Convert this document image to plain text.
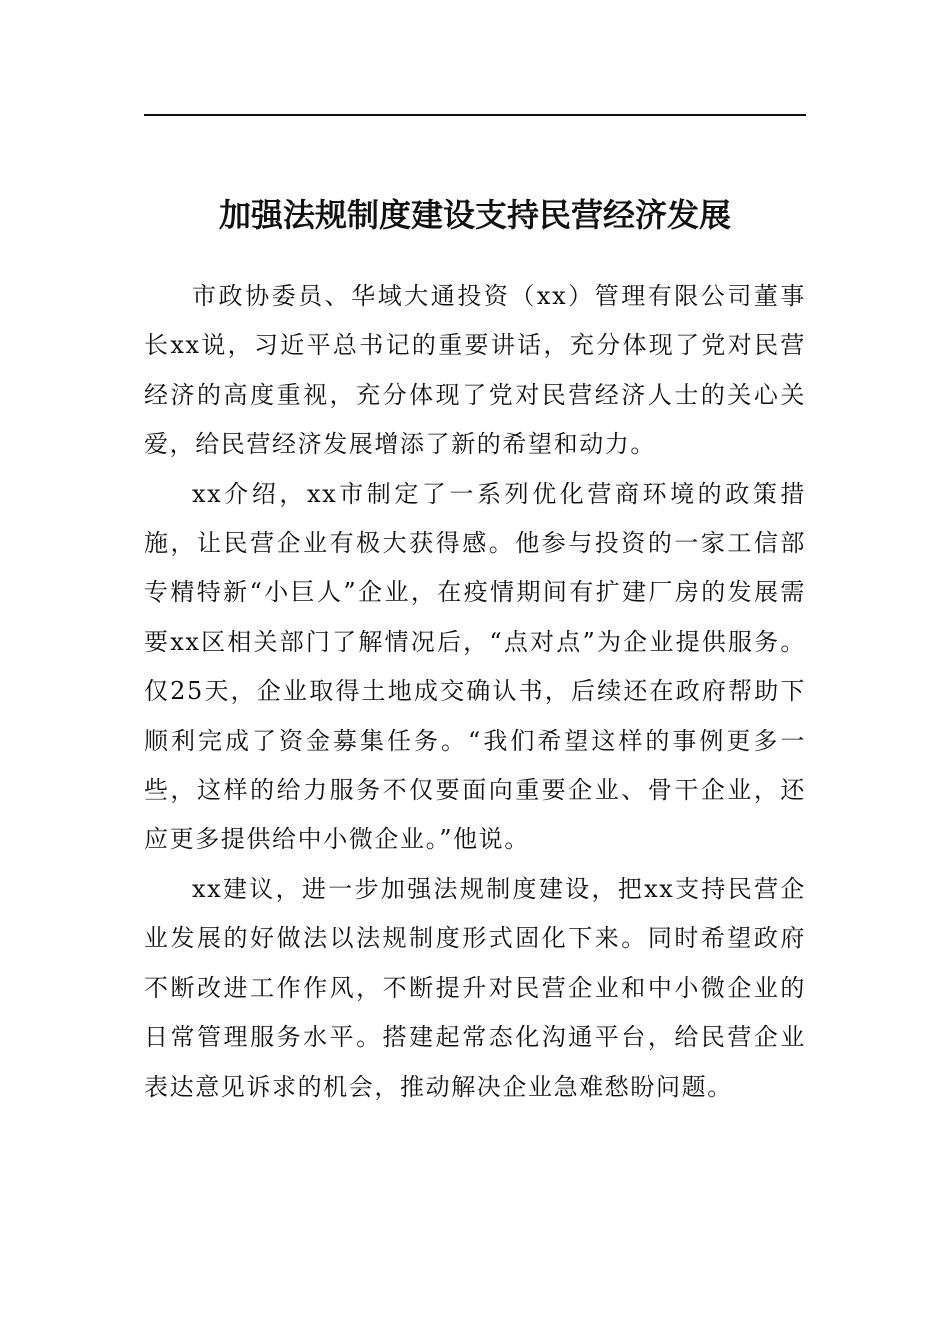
加强法规制度建设支持民营经济发展

市政协委员、华域大通投资（xx）管理有限公司董事长xx说，习近平总书记的重要讲话，充分体现了党对民营经济的高度重视，充分体现了党对民营经济人士的关心关爱，给民营经济发展增添了新的希望和动力。

xx介绍，xx市制定了一系列优化营商环境的政策措施，让民营企业有极大获得感。他参与投资的一家工信部专精特新“小巨人”企业，在疫情期间有扩建厂房的发展需要xx区相关部门了解情况后，“点对点”为企业提供服务。仅25天，企业取得土地成交确认书，后续还在政府帮助下顺利完成了资金募集任务。“我们希望这样的事例更多一些，这样的给力服务不仅要面向重要企业、骨干企业，还应更多提供给中小微企业。”他说。

xx建议，进一步加强法规制度建设，把xx支持民营企业发展的好做法以法规制度形式固化下来。同时希望政府不断改进工作作风，不断提升对民营企业和中小微企业的日常管理服务水平。搭建起常态化沟通平台，给民营企业表达意见诉求的机会，推动解决企业急难愁盼问题。
